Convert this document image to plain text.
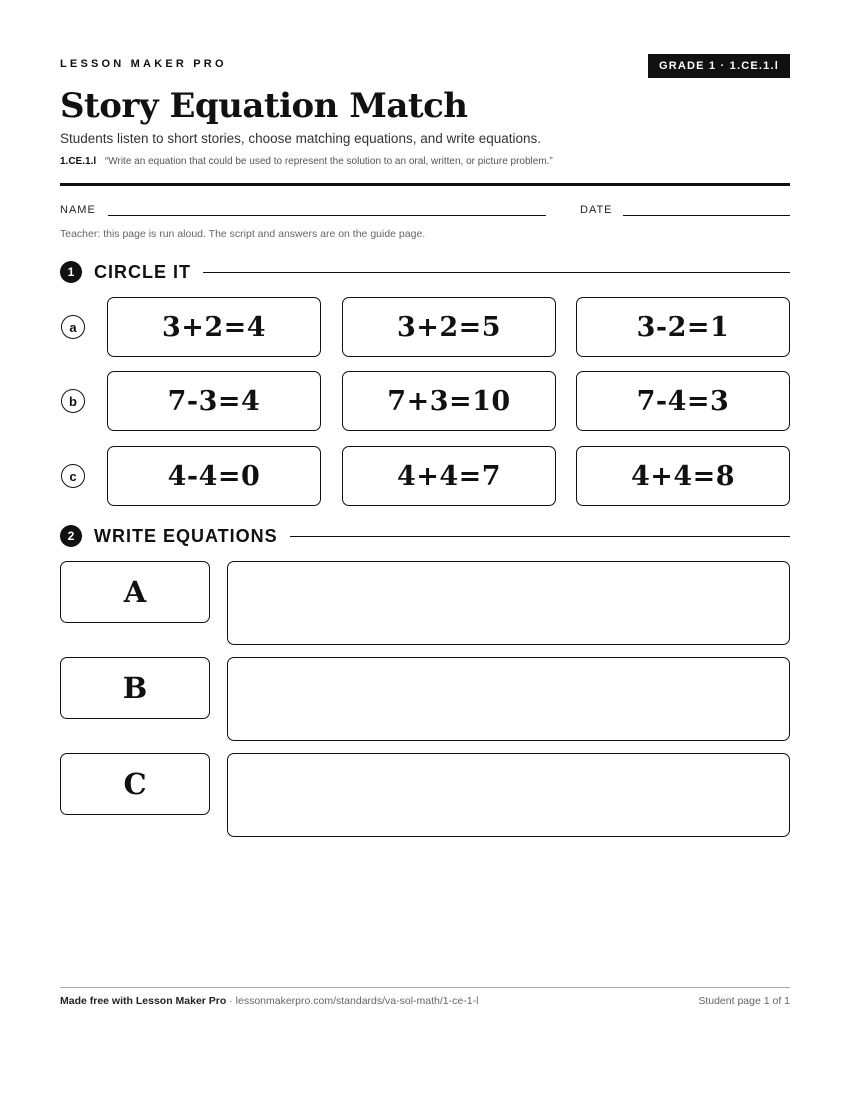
LESSON MAKER PRO	GRADE 1 · 1.CE.1.l
Story Equation Match
Students listen to short stories, choose matching equations, and write equations.
1.CE.1.l “Write an equation that could be used to represent the solution to an oral, written, or picture problem.”
NAME	DATE
Teacher: this page is run aloud. The script and answers are on the guide page.
1	CIRCLE IT
a	3+2=4	3+2=5	3-2=1
b	7-3=4	7+3=10	7-4=3
c	4-4=0	4+4=7	4+4=8
2	WRITE EQUATIONS
A
B
C
Made free with Lesson Maker Pro · lessonmakerpro.com/standards/va-sol-math/1-ce-1-l	Student page 1 of 1
